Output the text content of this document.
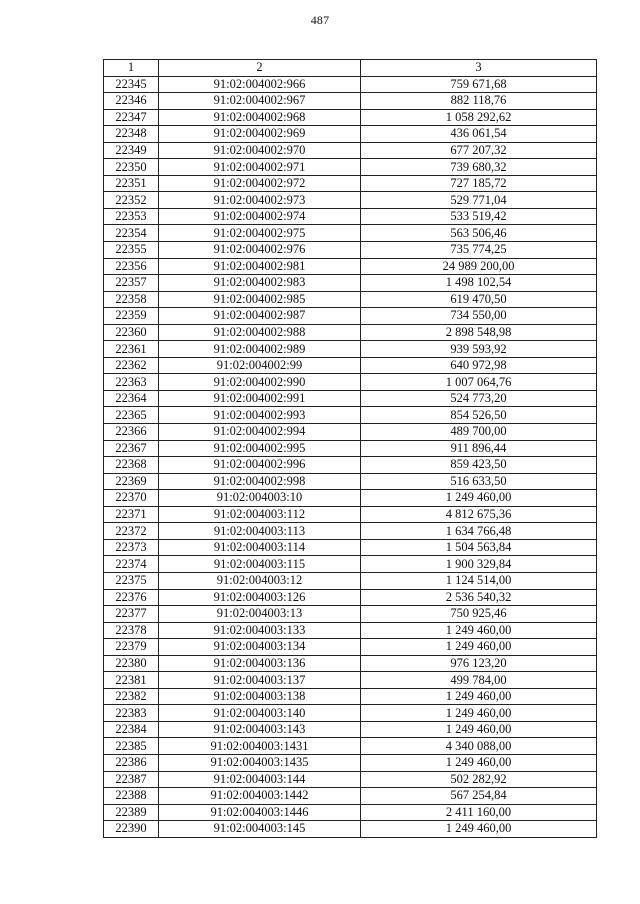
487
1	2	3
22345	91:02:004002:966	759 671,68
22346	91:02:004002:967	882 118,76
22347	91:02:004002:968	1 058 292,62
22348	91:02:004002:969	436 061,54
22349	91:02:004002:970	677 207,32
22350	91:02:004002:971	739 680,32
22351	91:02:004002:972	727 185,72
22352	91:02:004002:973	529 771,04
22353	91:02:004002:974	533 519,42
22354	91:02:004002:975	563 506,46
22355	91:02:004002:976	735 774,25
22356	91:02:004002:981	24 989 200,00
22357	91:02:004002:983	1 498 102,54
22358	91:02:004002:985	619 470,50
22359	91:02:004002:987	734 550,00
22360	91:02:004002:988	2 898 548,98
22361	91:02:004002:989	939 593,92
22362	91:02:004002:99	640 972,98
22363	91:02:004002:990	1 007 064,76
22364	91:02:004002:991	524 773,20
22365	91:02:004002:993	854 526,50
22366	91:02:004002:994	489 700,00
22367	91:02:004002:995	911 896,44
22368	91:02:004002:996	859 423,50
22369	91:02:004002:998	516 633,50
22370	91:02:004003:10	1 249 460,00
22371	91:02:004003:112	4 812 675,36
22372	91:02:004003:113	1 634 766,48
22373	91:02:004003:114	1 504 563,84
22374	91:02:004003:115	1 900 329,84
22375	91:02:004003:12	1 124 514,00
22376	91:02:004003:126	2 536 540,32
22377	91:02:004003:13	750 925,46
22378	91:02:004003:133	1 249 460,00
22379	91:02:004003:134	1 249 460,00
22380	91:02:004003:136	976 123,20
22381	91:02:004003:137	499 784,00
22382	91:02:004003:138	1 249 460,00
22383	91:02:004003:140	1 249 460,00
22384	91:02:004003:143	1 249 460,00
22385	91:02:004003:1431	4 340 088,00
22386	91:02:004003:1435	1 249 460,00
22387	91:02:004003:144	502 282,92
22388	91:02:004003:1442	567 254,84
22389	91:02:004003:1446	2 411 160,00
22390	91:02:004003:145	1 249 460,00
